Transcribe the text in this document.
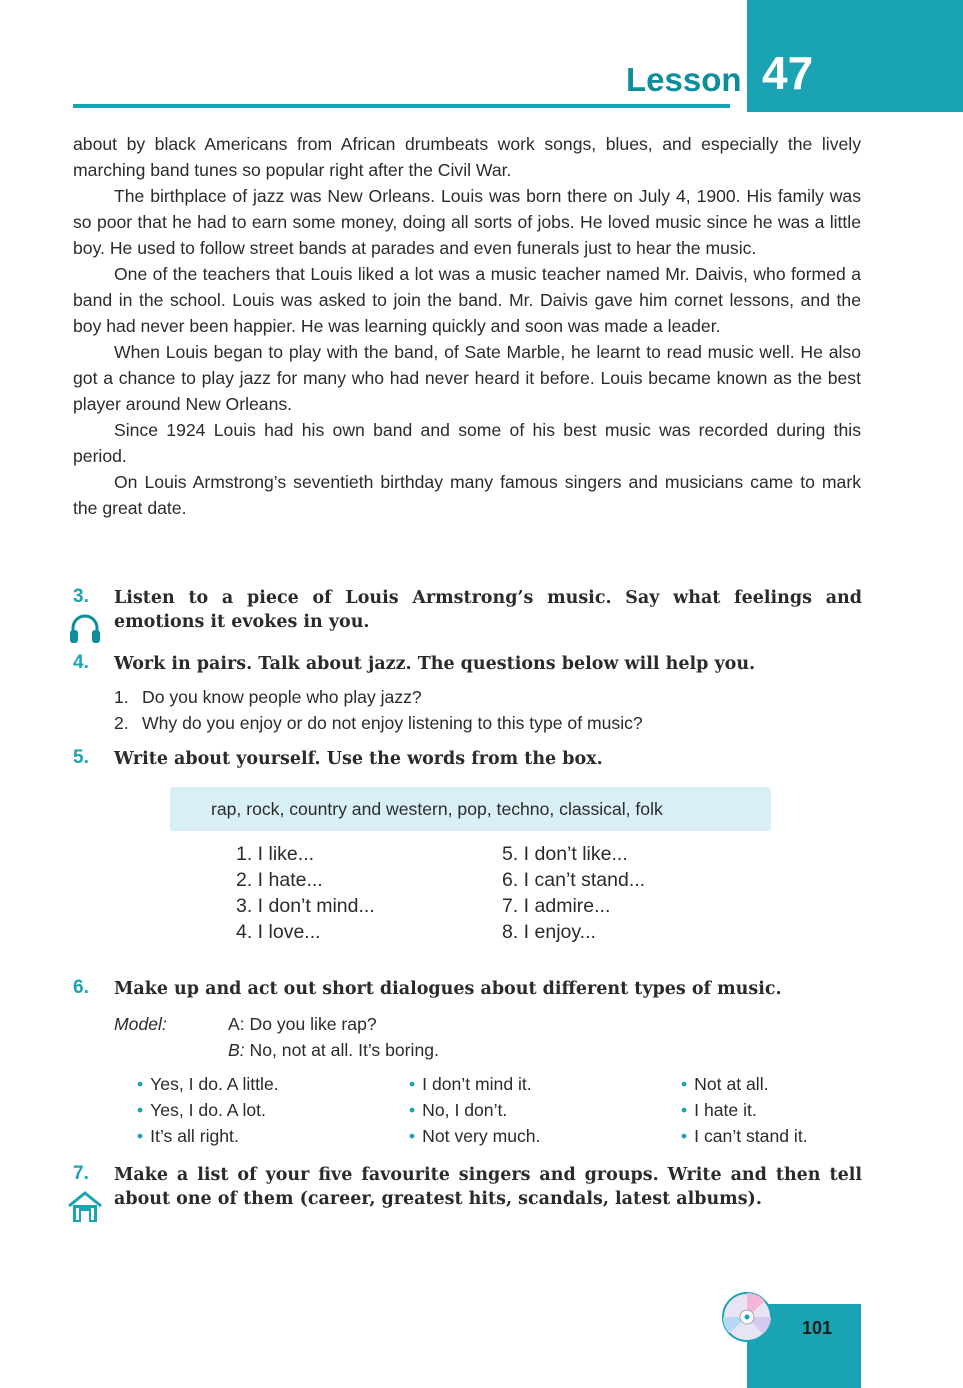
47
Lesson

about by black Americans from African drumbeats work songs, blues, and especially the lively marching band tunes so popular right after the Civil War.

The birthplace of jazz was New Orleans. Louis was born there on July 4, 1900. His family was so poor that he had to earn some money, doing all sorts of jobs. He loved music since he was a little boy. He used to follow street bands at parades and even funerals just to hear the music.

One of the teachers that Louis liked a lot was a music teacher named Mr. Daivis, who formed a band in the school. Louis was asked to join the band. Mr. Daivis gave him cornet lessons, and the boy had never been happier. He was learning quickly and soon was made a leader.

When Louis began to play with the band, of Sate Marble, he learnt to read music well. He also got a chance to play jazz for many who had never heard it before. Louis became known as the best player around New Orleans.

Since 1924 Louis had his own band and some of his best music was recorded during this period.

On Louis Armstrong’s seventieth birthday many famous singers and musicians came to mark the great date.

3. Listen to a piece of Louis Armstrong’s music. Say what feelings and emotions it evokes in you.

4. Work in pairs. Talk about jazz. The questions below will help you.

1. Do you know people who play jazz?
2. Why do you enjoy or do not enjoy listening to this type of music?
5. Write about yourself. Use the words from the box.

rap, rock, country and western, pop, techno, classical, folk
1. I like...
2. I hate...
3. I don’t mind...
4. I love...
5. I don’t like...
6. I can’t stand...
7. I admire...
8. I enjoy...
6. Make up and act out short dialogues about different types of music.

Model:	A: Do you like rap?
B: No, not at all. It’s boring.
• Yes, I do. A little.
• Yes, I do. A lot.
• It’s all right.
• I don’t mind it.
• No, I don’t.
• Not very much.
• Not at all.
• I hate it.
• I can’t stand it.
7. Make a list of your five favourite singers and groups. Write and then tell about one of them (career, greatest hits, scandals, latest albums).

101
